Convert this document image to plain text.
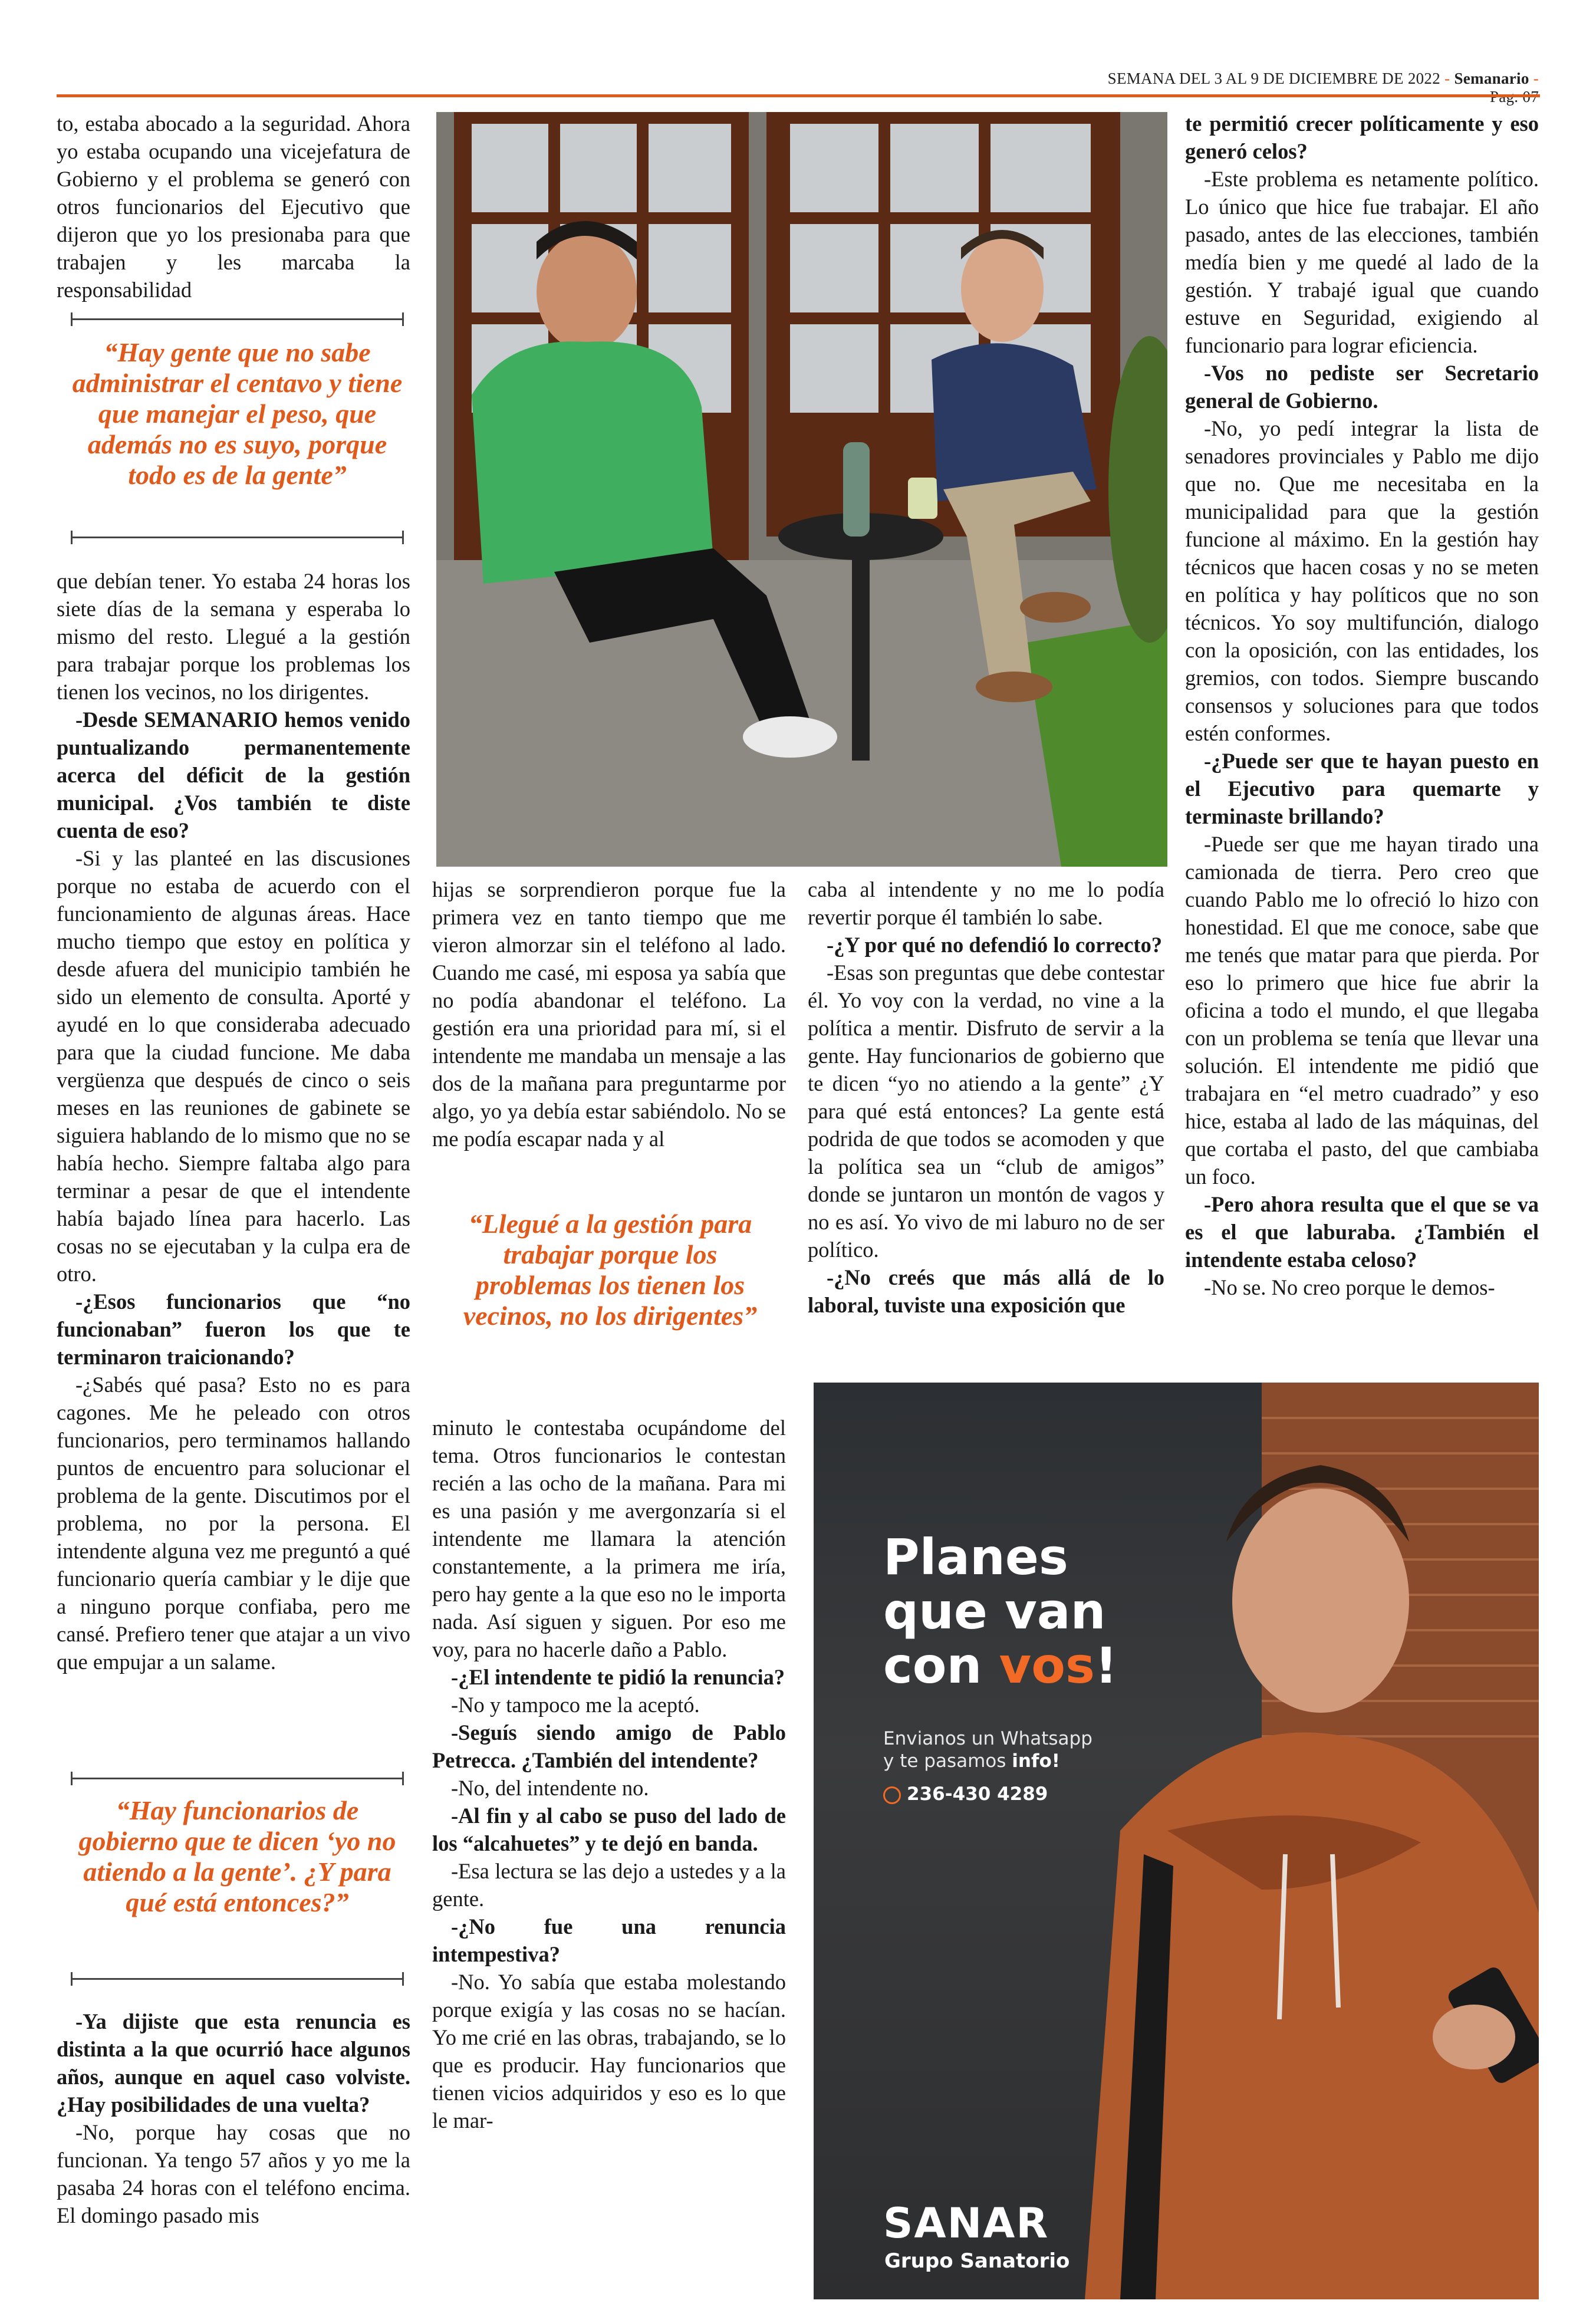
SEMANA DEL 3 AL 9 DE DICIEMBRE DE 2022 - Semanario -

to, estaba abocado a la seguridad. Ahora yo estaba ocupando una vicejefatura de Gobierno y el problema se generó con otros funcionarios del Ejecutivo que dijeron que yo los presionaba para que trabajen y les marcaba la responsabilidad

“Hay gente que no sabe administrar el centavo y tiene que manejar el peso, que además no es suyo, porque todo es de la gente”

que debían tener. Yo estaba 24 horas los siete días de la semana y esperaba lo mismo del resto. Llegué a la gestión para trabajar porque los problemas los tienen los vecinos, no los dirigentes.

-Desde SEMANARIO hemos venido puntualizando permanentemente acerca del déficit de la gestión municipal. ¿Vos también te diste cuenta de eso?

-Si y las planteé en las discusiones porque no estaba de acuerdo con el funcionamiento de algunas áreas. Hace mucho tiempo que estoy en política y desde afuera del municipio también he sido un elemento de consulta. Aporté y ayudé en lo que consideraba adecuado para que la ciudad funcione. Me daba vergüenza que después de cinco o seis meses en las reuniones de gabinete se siguiera hablando de lo mismo que no se había hecho. Siempre faltaba algo para terminar a pesar de que el intendente había bajado línea para hacerlo. Las cosas no se ejecutaban y la culpa era de otro.

-¿Esos funcionarios que “no funcionaban” fueron los que te terminaron traicionando?

-¿Sabés qué pasa? Esto no es para cagones. Me he peleado con otros funcionarios, pero terminamos hallando puntos de encuentro para solucionar el problema de la gente. Discutimos por el problema, no por la persona. El intendente alguna vez me preguntó a qué funcionario quería cambiar y le dije que a ninguno porque confiaba, pero me cansé. Prefiero tener que atajar a un vivo que empujar a un salame.

“Hay funcionarios de gobierno que te dicen ‘yo no atiendo a la gente’. ¿Y para qué está entonces?”

-Ya dijiste que esta renuncia es distinta a la que ocurrió hace algunos años, aunque en aquel caso volviste. ¿Hay posibilidades de una vuelta?

-No, porque hay cosas que no funcionan. Ya tengo 57 años y yo me la pasaba 24 horas con el teléfono encima. El domingo pasado mis

hijas se sorprendieron porque fue la primera vez en tanto tiempo que me vieron almorzar sin el teléfono al lado. Cuando me casé, mi esposa ya sabía que no podía abandonar el teléfono. La gestión era una prioridad para mí, si el intendente me mandaba un mensaje a las dos de la mañana para preguntarme por algo, yo ya debía estar sabiéndolo. No se me podía escapar nada y al

“Llegué a la gestión para trabajar porque los problemas los tienen los vecinos, no los dirigentes”

minuto le contestaba ocupándome del tema. Otros funcionarios le contestan recién a las ocho de la mañana. Para mi es una pasión y me avergonzaría si el intendente me llamara la atención constantemente, a la primera me iría, pero hay gente a la que eso no le importa nada. Así siguen y siguen. Por eso me voy, para no hacerle daño a Pablo.

-¿El intendente te pidió la renuncia?

-No y tampoco me la aceptó.

-Seguís siendo amigo de Pablo Petrecca. ¿También del intendente?

-No, del intendente no.

-Al fin y al cabo se puso del lado de los “alcahuetes” y te dejó en banda.

-Esa lectura se las dejo a ustedes y a la gente.

-¿No fue una renuncia intempestiva?

-No. Yo sabía que estaba molestando porque exigía y las cosas no se hacían. Yo me crié en las obras, trabajando, se lo que es producir. Hay funcionarios que tienen vicios adquiridos y eso es lo que le mar-

caba al intendente y no me lo podía revertir porque él también lo sabe.

-¿Y por qué no defendió lo correcto?

-Esas son preguntas que debe contestar él. Yo voy con la verdad, no vine a la política a mentir. Disfruto de servir a la gente. Hay funcionarios de gobierno que te dicen “yo no atiendo a la gente” ¿Y para qué está entonces? La gente está podrida de que todos se acomoden y que la política sea un “club de amigos” donde se juntaron un montón de vagos y no es así. Yo vivo de mi laburo no de ser político.

-¿No creés que más allá de lo laboral, tuviste una exposición que

te permitió crecer políticamente y eso generó celos?

-Este problema es netamente político. Lo único que hice fue trabajar. El año pasado, antes de las elecciones, también medía bien y me quedé al lado de la gestión. Y trabajé igual que cuando estuve en Seguridad, exigiendo al funcionario para lograr eficiencia.

-Vos no pediste ser Secretario general de Gobierno.

-No, yo pedí integrar la lista de senadores provinciales y Pablo me dijo que no. Que me necesitaba en la municipalidad para que la gestión funcione al máximo. En la gestión hay técnicos que hacen cosas y no se meten en política y hay políticos que no son técnicos. Yo soy multifunción, dialogo con la oposición, con las entidades, los gremios, con todos. Siempre buscando consensos y soluciones para que todos estén conformes.

-¿Puede ser que te hayan puesto en el Ejecutivo para quemarte y terminaste brillando?

-Puede ser que me hayan tirado una camionada de tierra. Pero creo que cuando Pablo me lo ofreció lo hizo con honestidad. El que me conoce, sabe que me tenés que matar para que pierda. Por eso lo primero que hice fue abrir la oficina a todo el mundo, el que llegaba con un problema se tenía que llevar una solución. El intendente me pidió que trabajara en “el metro cuadrado” y eso hice, estaba al lado de las máquinas, del que cortaba el pasto, del que cambiaba un foco.

-Pero ahora resulta que el que se va es el que laburaba. ¿También el intendente estaba celoso?

-No se. No creo porque le demos-

Planes
que van
con vos!
Envianos un Whatsapp
y te pasamos info!
236-430 4289
SANAR
Grupo Sanatorio
